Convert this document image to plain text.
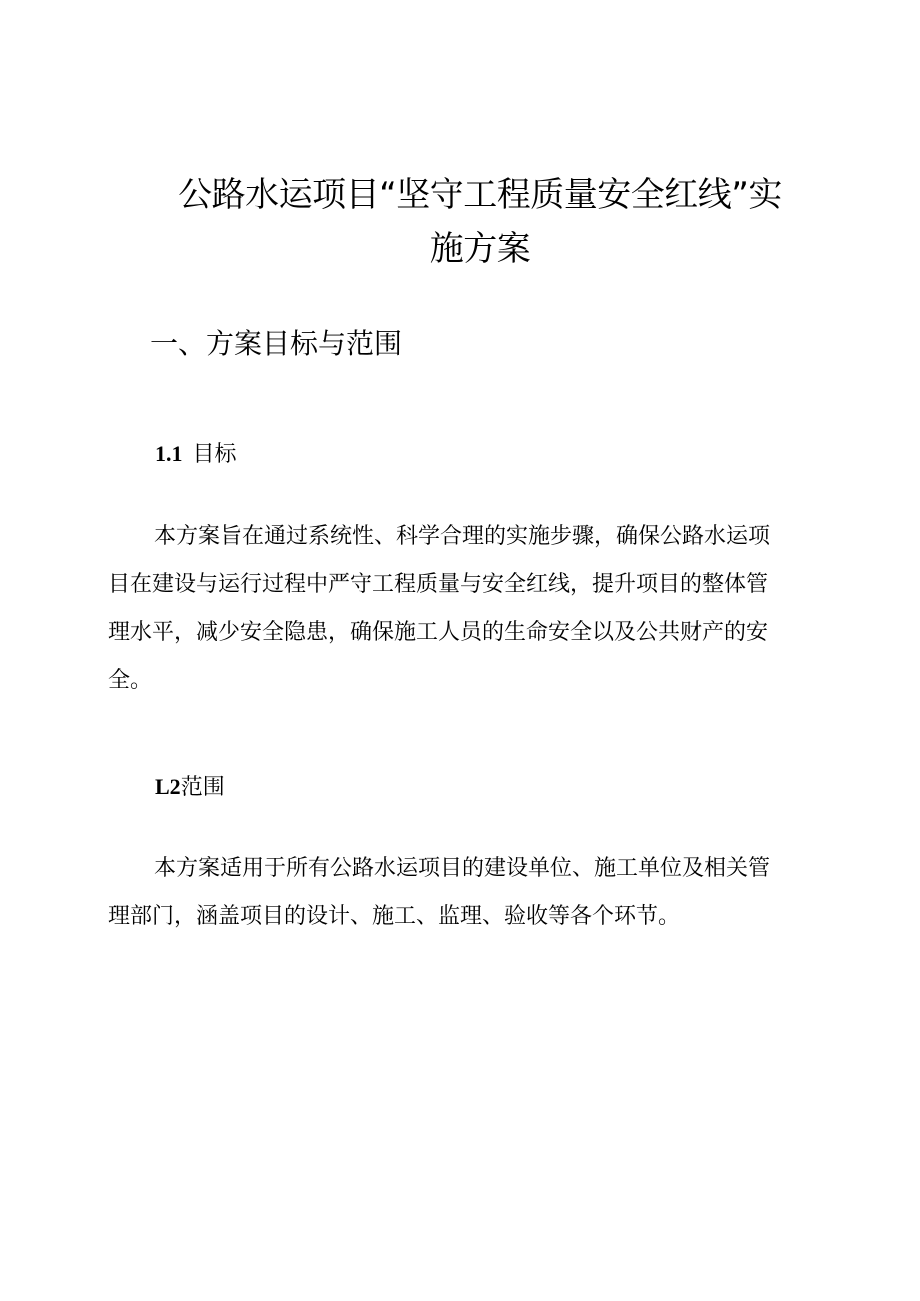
公路水运项目“坚守工程质量安全红线”实
施方案
一、方案目标与范围
1.1 目标

本方案旨在通过系统性、科学合理的实施步骤，确保公路水运项
目在建设与运行过程中严守工程质量与安全红线，提升项目的整体管
理水平，减少安全隐患，确保施工人员的生命安全以及公共财产的安
全。

L2范围

本方案适用于所有公路水运项目的建设单位、施工单位及相关管
理部门，涵盖项目的设计、施工、监理、验收等各个环节。
